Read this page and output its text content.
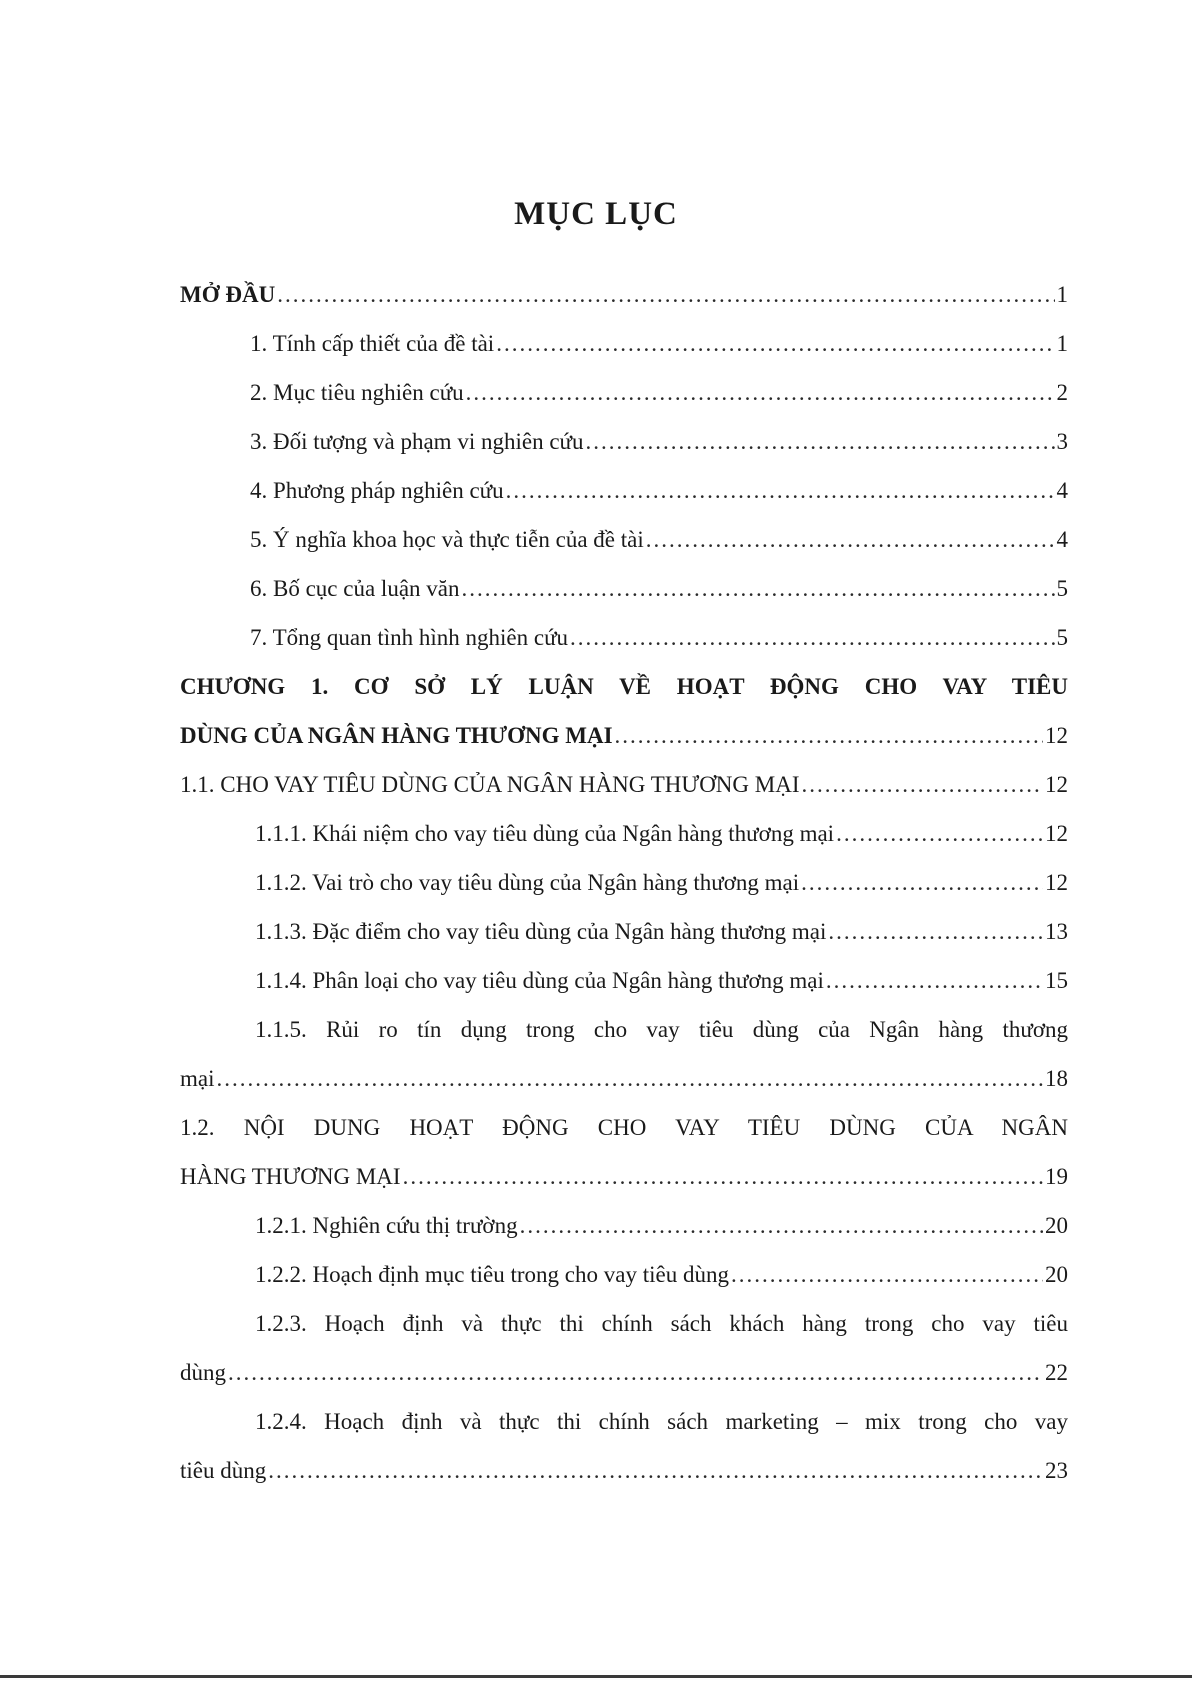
MỤC LỤC
MỞ ĐẦU .....	1
1. Tính cấp thiết của đề tài .....	1
2. Mục tiêu nghiên cứu .....	2
3. Đối tượng và phạm vi nghiên cứu .....	3
4. Phương pháp nghiên cứu .....	4
5. Ý nghĩa khoa học và thực tiễn của đề tài .....	4
6. Bố cục của luận văn .....	5
7. Tổng quan tình hình nghiên cứu .....	5
CHƯƠNG 1. CƠ SỞ LÝ LUẬN VỀ HOẠT ĐỘNG CHO VAY TIÊU
DÙNG CỦA NGÂN HÀNG THƯƠNG MẠI .....	12
1.1. CHO VAY TIÊU DÙNG CỦA NGÂN HÀNG THƯƠNG MẠI .....	12
1.1.1. Khái niệm cho vay tiêu dùng của Ngân hàng thương mại .....	12
1.1.2. Vai trò cho vay tiêu dùng của Ngân hàng thương mại .....	12
1.1.3. Đặc điểm cho vay tiêu dùng của Ngân hàng thương mại .....	13
1.1.4. Phân loại cho vay tiêu dùng của Ngân hàng thương mại .....	15
1.1.5. Rủi ro tín dụng trong cho vay tiêu dùng của Ngân hàng thương
mại .....	18
1.2. NỘI DUNG HOẠT ĐỘNG CHO VAY TIÊU DÙNG CỦA NGÂN
HÀNG THƯƠNG MẠI .....	19
1.2.1. Nghiên cứu thị trường .....	20
1.2.2. Hoạch định mục tiêu trong cho vay tiêu dùng .....	20
1.2.3. Hoạch định và thực thi chính sách khách hàng trong cho vay tiêu
dùng .....	22
1.2.4. Hoạch định và thực thi chính sách marketing – mix trong cho vay
tiêu dùng .....	23
